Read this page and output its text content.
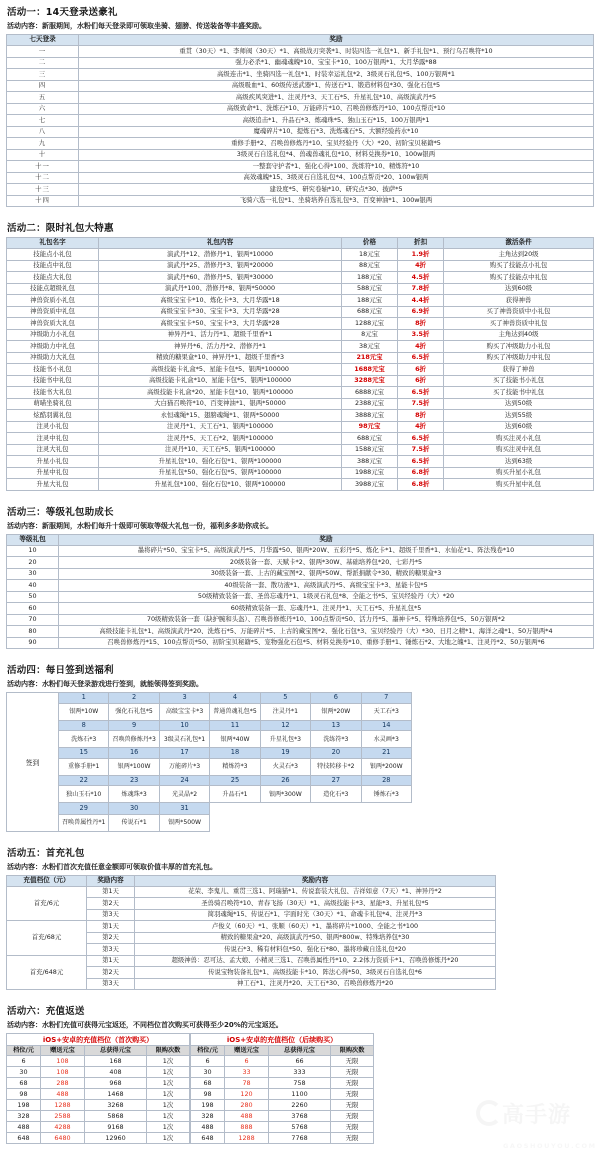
活动一：14天登录送豪礼
活动内容：新服期间，水粉们每天登录即可领取坐骑、翅膀、传送装备等丰盛奖励。
七天登录	奖励
一	重贯（30天）*1、李师阀（30天）*1、高级战刃突袭*1、时装四选一礼包*1、新手礼包*1、预行乌召唤符*10
二	强力必杀*1、幽魂魂魄*10、宝宝卡*10、100万银两*1、大月华露*88
三	高级连击*1、坐骑四选一礼包*1、时装幸运礼包*2、3级灵石礼包*5、100万银两*1
四	高级吸血*1、60级传送武器*1、传送石*1、锻造材料包*30、强化石包*5
五	高级疾风突进*1、注灵丹*3、天工石*5、升星礼包*10、高级演武丹*5
六	高级致命*1、洗炼石*10、万能碎片*10、召唤兽修炼丹*10、100点帮贡*10
七	高级追击*1、升品石*3、炼魂珠*5、独山玉石*15、100万银两*1
八	魔魂碎片*10、提炼石*3、洗炼魂石*5、大额经验药水*10
九	重修手册*2、召唤兽修炼丹*10、宝贝经验丹（大）*20、初阶宝贝秘籍*5
十	3级灵石自选礼包*4、兽魂兽魂礼包*10、材料兑换券*10、100w银两
十一	一整套守护者*1、强化心得*100、洗练符*10、精炼符*10
十二	高效魂魄*15、3级灵石自选礼包*4、100点帮贡*20、100w银两
十三	建设度*5、研究卷轴*10、研究点*30、披萨*5
十四	飞骑六选一礼包*1、坐骑培养自选礼包*3、百变神油*1、100w银两
活动二：限时礼包大特惠
礼包名字	礼包内容	价格	折扣	激活条件
技能点小礼包	演武丹*12、潜修丹*1、银两*10000	18元宝	1.9折	主角达到20级
技能点中礼包	演武丹*25、潜修丹*3、银两*20000	88元宝	4折	购买了技能点小礼包
技能点大礼包	演武丹*60、潜修丹*5、银两*30000	188元宝	4.5折	购买了技能点中礼包
技能点超级礼包	演武丹*100、潜修丹*8、银两*50000	588元宝	7.8折	达到60级
神兽资质小礼包	高级宝宝卡*10、炼化卡*3、大月华露*18	188元宝	4.4折	获得神兽
神兽资质中礼包	高级宝宝卡*30、宝宝卡*3、大月华露*28	688元宝	6.9折	买了神兽资质中小礼包
神兽资质大礼包	高级宝宝卡*50、宝宝卡*3、大月华露*28	1288元宝	8折	买了神兽资质中礼包
冲级助力小礼包	神异丹*1、活力丹*1、超级千里香*1	8元宝	3.5折	主角达到40级
冲级助力中礼包	神异丹*6、活力丹*2、潜修丹*1	38元宝	4折	购买了冲级助力小礼包
冲级助力大礼包	精致的糖果盒*10、神异丹*1、超级千里香*3	218元宝	6.5折	购买了冲级助力中礼包
技能书小礼包	高级技能卡礼盒*5、星能卡包*5、银两*100000	1688元宝	6折	获得了神兽
技能书中礼包	高级技能卡礼盒*10、星能卡包*5、银两*100000	3288元宝	6折	买了技能书小礼包
技能书大礼包	高级技能卡礼盒*20、星能卡包*10、银两*100000	6888元宝	6.5折	买了技能书中礼包
萌喵坐骑礼包	大白猫召唤符*10、百变神油*1、银两*50000	2388元宝	7.5折	达到50级
炫酷羽翼礼包	永恒魂绳*15、翅膀魂绳*1、银两*50000	3888元宝	8折	达到55级
注灵小礼包	注灵丹*1、天工石*1、银两*100000	98元宝	4折	达到60级
注灵中礼包	注灵丹*5、天工石*2、银两*100000	688元宝	6.5折	购买注灵小礼包
注灵大礼包	注灵丹*10、天工石*5、银两*100000	1588元宝	7.5折	购买注灵中礼包
升星小礼包	升星礼包*10、强化石包*1、银两*100000	388元宝	6.5折	达到63级
升星中礼包	升星礼包*50、强化石包*5、银两*100000	1988元宝	6.8折	购买升星小礼包
升星大礼包	升星礼包*100、强化石包*10、银两*100000	3988元宝	6.8折	购买升星中礼包
活动三：等级礼包助成长
活动内容：新服期间，水粉们每升十级即可领取等级大礼包一份，福利多多助你成长。
等级礼包	奖励
10	墨将碎片*50、宝宝卡*5、高级演武丹*5、月华露*50、银两*20W、五彩丹*5、炼化卡*1、超级千里香*1、水仙花*1、阵法残卷*10
20	20级装备一套、天赋卡*2、银两*30W、基础培养包*20、七彩丹*5
30	30级装备一套、上古的藏宝图*2、银两*50W、帮派捐献令*30、精致的糖果盒*3
40	40级装备一套、散功液*1、高级演武丹*5、高级宝宝卡*3、星能卡包*5
50	50级精致装备一套、圣兽忘魂丹*1、1级灵石礼包*8、全能之书*5、宝贝经验丹（大）*20
60	60级精致装备一套、忘魂丹*1、注灵丹*1、天工石*5、升星礼包*5
70	70级精致装备一套（缺护腕和头盔）、召唤兽修炼丹*10、100点帮贡*50、活力丹*5、墨神卡*5、特殊培养包*5、50万银两*2
80	高级技能卡礼包*1、高级演武丹*20、洗炼石*5、万能碎片*5、上古的藏宝图*2、强化石包*3、宝贝经验丹（大）*30、日月之精*1、海洋之魂*1、50万银两*4
90	召唤兽修炼丹*15、100点帮贡*50、初阶宝贝秘籍*5、宠物强化石包*5、材料兑换券*10、重修手册*1、锤炼石*2、大地之魄*1、注灵丹*2、50万银两*6
活动四：每日签到送福利
活动内容：水粉们每天登录游戏进行签到，就能领得签到奖励。
签到
1	2	3	4	5	6	7
银两*10W	强化石礼包*5	高级宝宝卡*3	普通兽魂礼包*5	注灵丹*1	银两*20W	天工石*3
8	9	10	11	12	13	14
洗炼石*3	召唤兽修炼丹*3	3级灵石礼包*1	银两*40W	升星礼包*3	洗练符*3	水灵画*3
15	16	17	18	19	20	21
重修手册*1	银两*100W	万能碎片*3	精炼符*3	火灵石*3	特技转移卡*2	银两*200W
22	23	24	25	26	27	28
独山玉石*10	炼魂珠*3	光灵晶*2	升品石*1	银两*300W	造化石*3	锤炼石*3
29	30	31				
召唤兽属性丹*1	传说石*1	银两*500W				
活动五：首充礼包
活动内容：水粉们首次充值任意金额即可领取价值丰厚的首充礼包。
充值档位（元）	奖励内容	奖励内容
首充/6元	第1天	花荣、李鬼儿、重贯三选1、阿瑞猫*1、传说套装大礼包、吉祥如意（7天）*1、神异丹*2
	第2天	圣兽骑召唤符*10、青春飞扬（30天）*1、高级技能卡*3、星能*3、升星礼包*5
	第3天	简羽魂绳*15、传说石*1、字面时光（30天）*1、命魂卡礼包*4、注灵丹*3
首充/68元	第1天	卢俊义（60天）*1、张顺（60天）*1、墨将碎片*1000、全能之书*100
	第2天	精致的糖果盒*20、高级演武丹*50、银两*800w、特殊培养包*30
	第3天	传说石*3、稀有材料包*50、强化石*80、墨将珍藏自选礼包*20
首充/648元	第1天	超级神兽：忍可达、孟大娘、小精灵三选1、召唤兽属性丹*10、2.2体力资质卡*1、召唤兽修炼丹*20
	第2天	传说宝物装备礼包*1、高级技能卡*10、阵法心得*50、3级灵石自选礼包*6
	第3天	神工石*1、注灵丹*20、天工石*30、召唤兽修炼丹*20
活动六：充值返送
活动内容：水粉们充值可获得元宝返还，不同档位首次购买可获得至少20%的元宝返还。
iOS+安卓的充值档位（首次购买）			
档位/元	赠送元宝	总获得元宝	限购次数
6	108	168	1次
30	108	408	1次
68	288	968	1次
98	488	1468	1次
198	1288	3268	1次
328	2588	5868	1次
488	4288	9168	1次
648	6480	12960	1次
iOS+安卓的充值档位（后续购买）			
档位/元	赠送元宝	总获得元宝	限购次数
6	6	66	无限
30	33	333	无限
68	78	758	无限
98	120	1100	无限
198	280	2260	无限
328	488	3768	无限
488	888	5768	无限
648	1288	7768	无限
高手游
GAOSHOUYOU.COM
